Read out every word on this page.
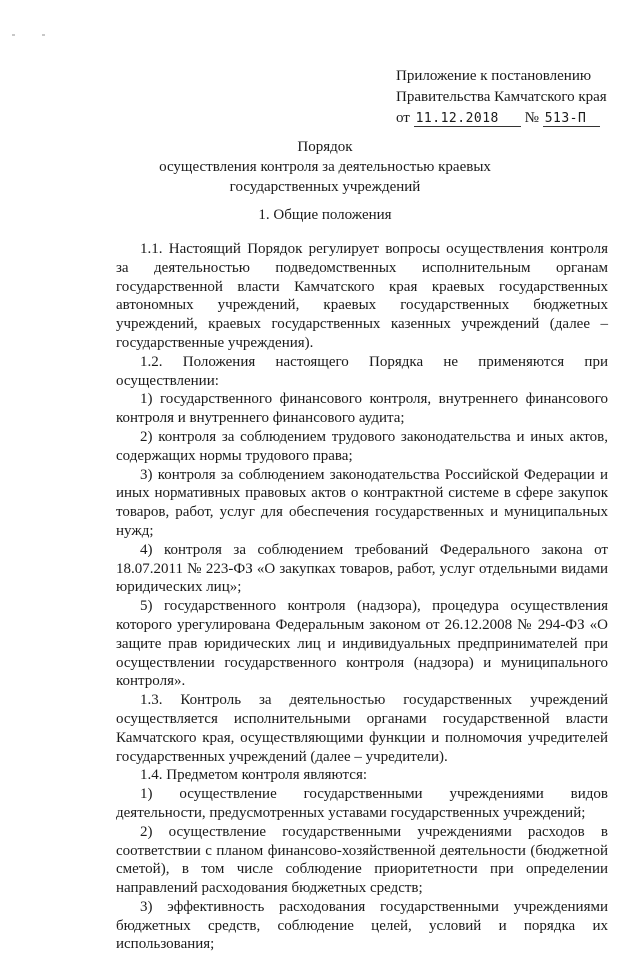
Приложение к постановлению
Правительства Камчатского края
от 11.12.2018 № 513-П
Порядок
осуществления контроля за деятельностью краевых
государственных учреждений
1. Общие положения

1.1. Настоящий Порядок регулирует вопросы осуществления контроля за деятельностью подведомственных исполнительным органам государственной власти Камчатского края краевых государственных автономных учреждений, краевых государственных бюджетных учреждений, краевых государственных казенных учреждений (далее – государственные учреждения).

1.2. Положения настоящего Порядка не применяются при осуществлении:

1) государственного финансового контроля, внутреннего финансового контроля и внутреннего финансового аудита;

2) контроля за соблюдением трудового законодательства и иных актов, содержащих нормы трудового права;

3) контроля за соблюдением законодательства Российской Федерации и иных нормативных правовых актов о контрактной системе в сфере закупок товаров, работ, услуг для обеспечения государственных и муниципальных нужд;

4) контроля за соблюдением требований Федерального закона от 18.07.2011 № 223-ФЗ «О закупках товаров, работ, услуг отдельными видами юридических лиц»;

5) государственного контроля (надзора), процедура осуществления которого урегулирована Федеральным законом от 26.12.2008 № 294-ФЗ «О защите прав юридических лиц и индивидуальных предпринимателей при осуществлении государственного контроля (надзора) и муниципального контроля».

1.3. Контроль за деятельностью государственных учреждений осуществляется исполнительными органами государственной власти Камчатского края, осуществляющими функции и полномочия учредителей государственных учреждений (далее – учредители).

1.4. Предметом контроля являются:

1) осуществление государственными учреждениями видов деятельности, предусмотренных уставами государственных учреждений;

2) осуществление государственными учреждениями расходов в соответствии с планом финансово-хозяйственной деятельности (бюджетной сметой), в том числе соблюдение приоритетности при определении направлений расходования бюджетных средств;

3) эффективность расходования государственными учреждениями бюджетных средств, соблюдение целей, условий и порядка их использования;
